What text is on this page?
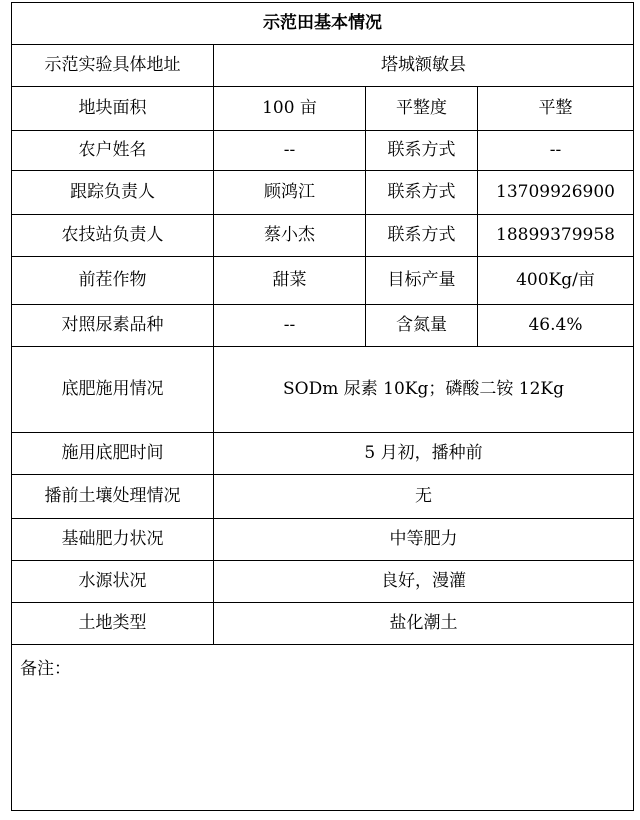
示范田基本情况			
示范实验具体地址	塔城额敏县		
地块面积	100 亩	平整度	平整
农户姓名	--	联系方式	--
跟踪负责人	顾鸿江	联系方式	13709926900
农技站负责人	蔡小杰	联系方式	18899379958
前茬作物	甜菜	目标产量	400Kg/亩
对照尿素品种	--	含氮量	46.4%
底肥施用情况	SODm 尿素 10Kg；磷酸二铵 12Kg		
施用底肥时间	5 月初，播种前		
播前土壤处理情况	无		
基础肥力状况	中等肥力		
水源状况	良好，漫灌		
土地类型	盐化潮土		
备注：			
